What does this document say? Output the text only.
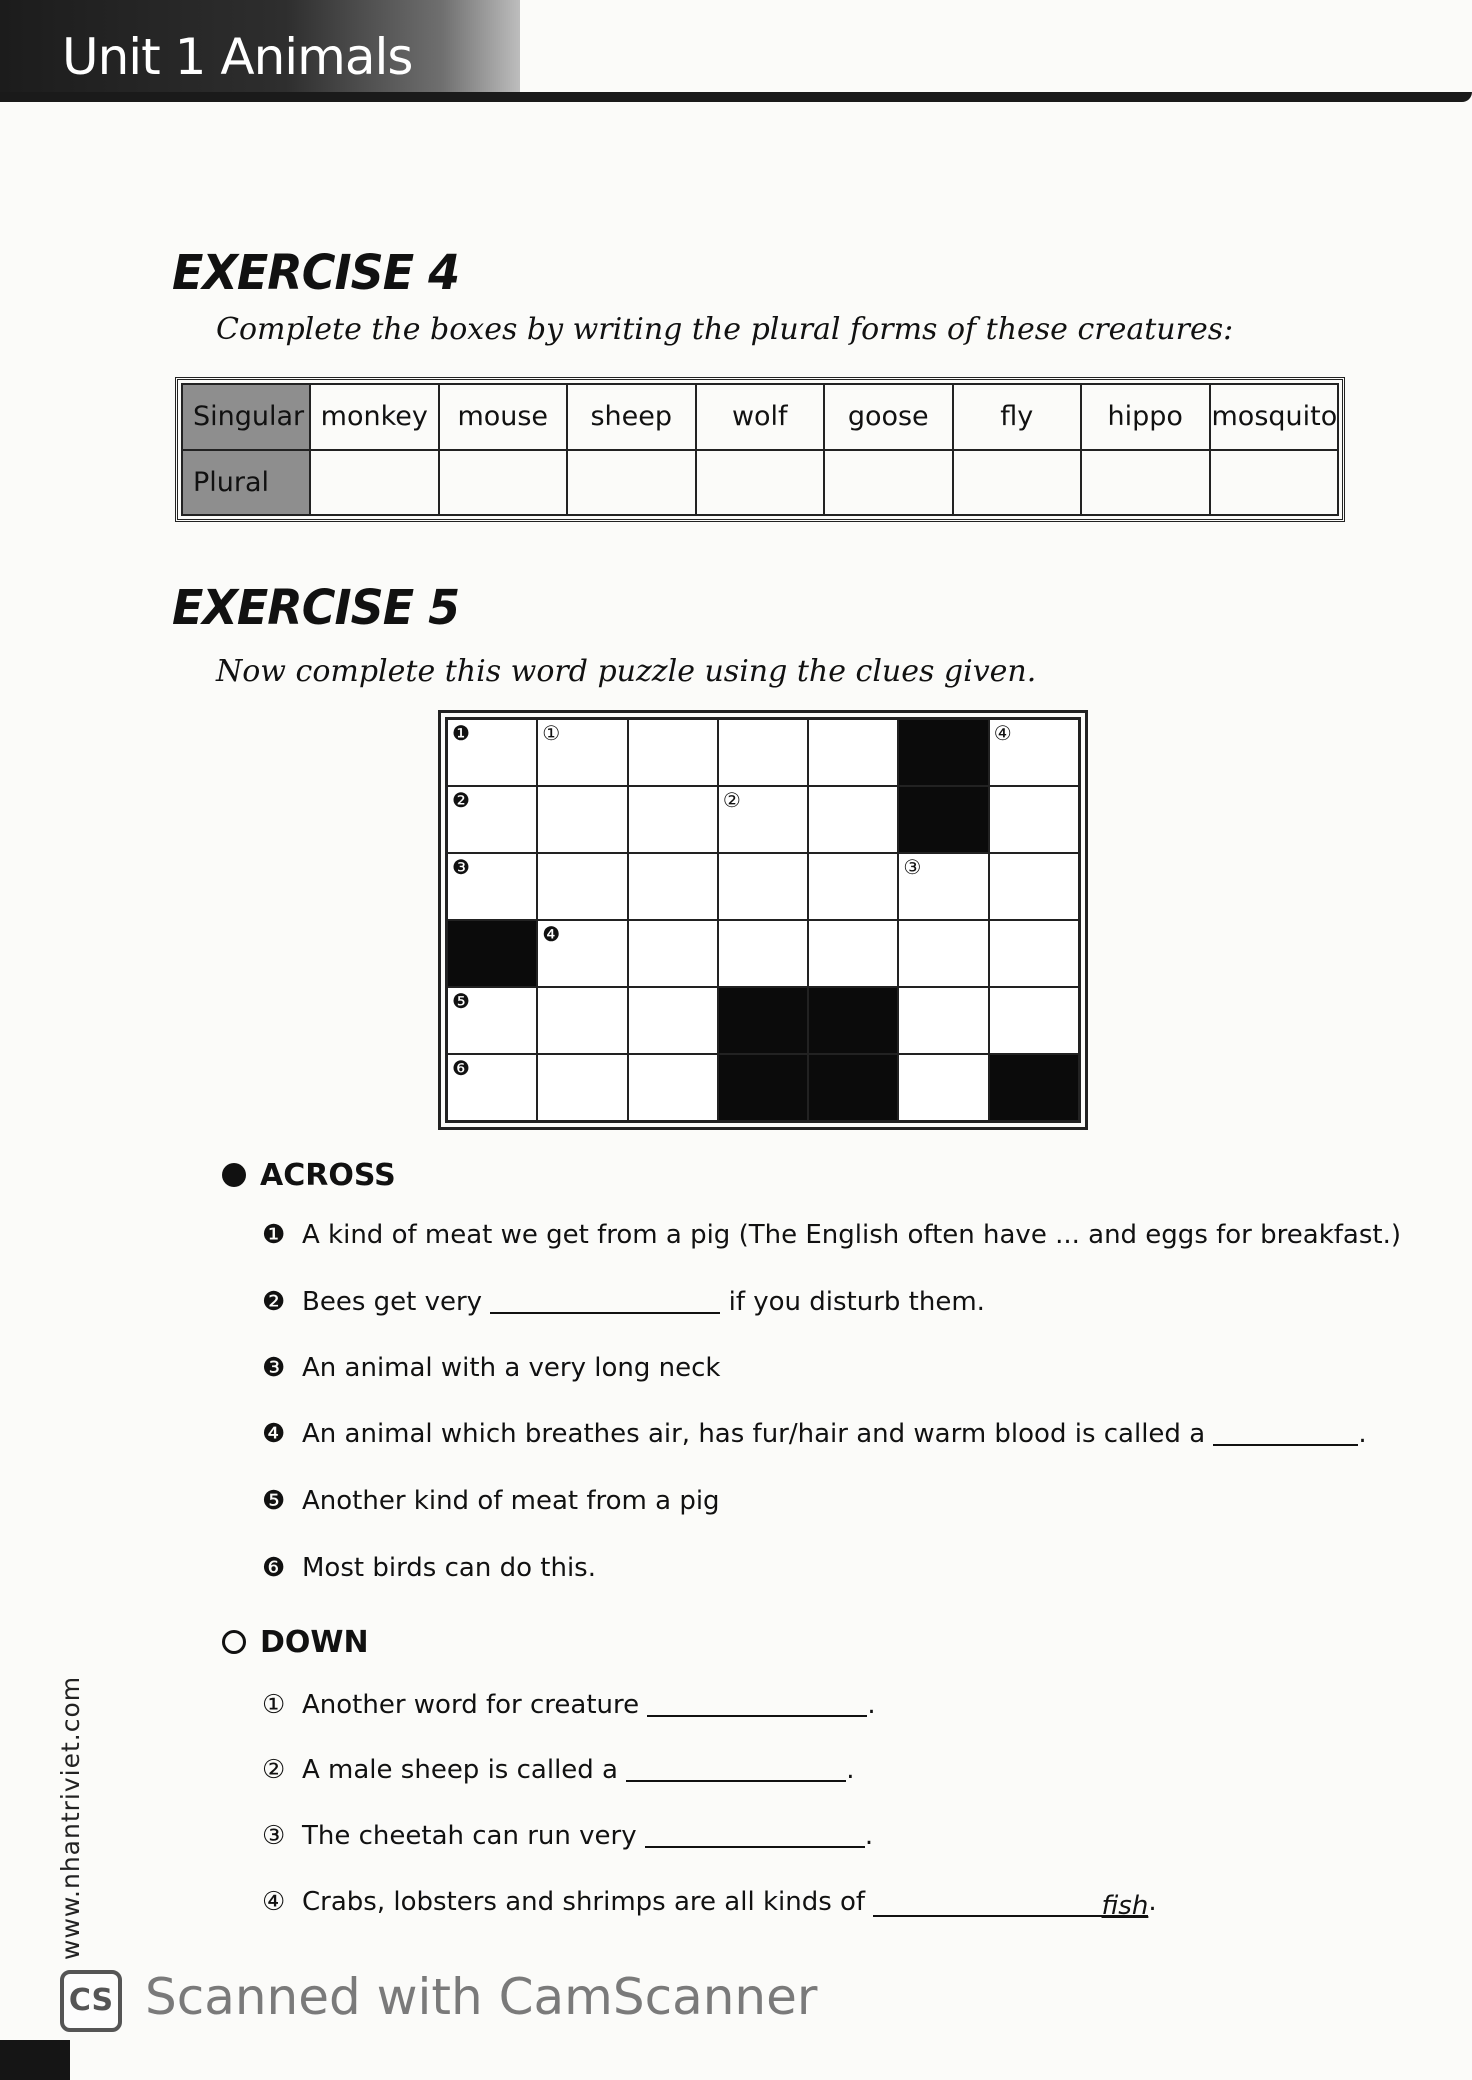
Unit 1 Animals
EXERCISE 4
Complete the boxes by writing the plural forms of these creatures:
Singular	monkey	mouse	sheep	wolf	goose	fly	hippo	mosquito
Plural								
EXERCISE 5
Now complete this word puzzle using the clues given.
❶	①	④
❷	②
❸	③
❹
❺
❻
ACROSS
❶ A kind of meat we get from a pig (The English often have ... and eggs for breakfast.)
❷ Bees get very	if you disturb them.
❸ An animal with a very long neck
❹ An animal which breathes air, has fur/hair and warm blood is called a	.
❺ Another kind of meat from a pig
❻ Most birds can do this.
DOWN
① Another word for creature	.
② A male sheep is called a	.
③ The cheetah can run very	.
④ Crabs, lobsters and shrimps are all kinds of	fish.
www.nhantriviet.com
CS Scanned with CamScanner
